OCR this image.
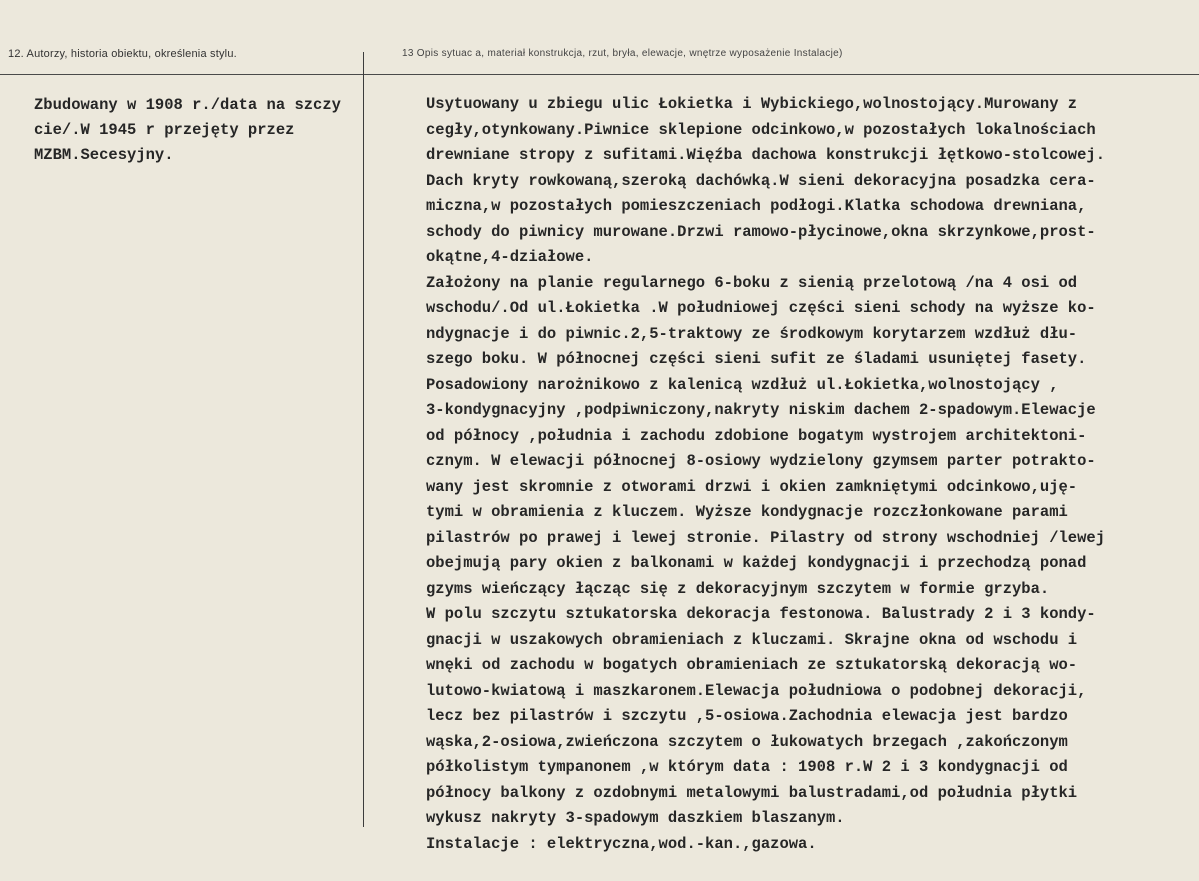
12. Autorzy, historia obiektu, określenia stylu.	13 Opis sytuac a, materiał konstrukcja, rzut, bryła, elewacje, wnętrze wyposażenie Instalacje)
Zbudowany w 1908 r./data na szczy
cie/.W 1945 r przejęty przez
MZBM.Secesyjny.
Usytuowany u zbiegu ulic Łokietka i Wybickiego,wolnostojący.Murowany z
cegły,otynkowany.Piwnice sklepione odcinkowo,w pozostałych lokalnościach
drewniane stropy z sufitami.Więźba dachowa konstrukcji łętkowo-stolcowej.
Dach kryty rowkowaną,szeroką dachówką.W sieni dekoracyjna posadzka cera-
miczna,w pozostałych pomieszczeniach podłogi.Klatka schodowa drewniana,
schody do piwnicy murowane.Drzwi ramowo-płycinowe,okna skrzynkowe,prost-
okątne,4-działowe.
Założony na planie regularnego 6-boku z sienią przelotową /na 4 osi od
wschodu/.Od ul.Łokietka .W południowej części sieni schody na wyższe ko-
ndygnacje i do piwnic.2,5-traktowy ze środkowym korytarzem wzdłuż dłu-
szego boku. W północnej części sieni sufit ze śladami usuniętej fasety.
Posadowiony narożnikowo z kalenicą wzdłuż ul.Łokietka,wolnostojący ,
3-kondygnacyjny ,podpiwniczony,nakryty niskim dachem 2-spadowym.Elewacje
od północy ,południa i zachodu zdobione bogatym wystrojem architektoni-
cznym. W elewacji północnej 8-osiowy wydzielony gzymsem parter potrakto-
wany jest skromnie z otworami drzwi i okien zamkniętymi odcinkowo,uję-
tymi w obramienia z kluczem. Wyższe kondygnacje rozczłonkowane parami
pilastrów po prawej i lewej stronie. Pilastry od strony wschodniej /lewej
obejmują pary okien z balkonami w każdej kondygnacji i przechodzą ponad
gzyms wieńczący łącząc się z dekoracyjnym szczytem w formie grzyba.
W polu szczytu sztukatorska dekoracja festonowa. Balustrady 2 i 3 kondy-
gnacji w uszakowych obramieniach z kluczami. Skrajne okna od wschodu i
wnęki od zachodu w bogatych obramieniach ze sztukatorską dekoracją wo-
lutowo-kwiatową i maszkaronem.Elewacja południowa o podobnej dekoracji,
lecz bez pilastrów i szczytu ,5-osiowa.Zachodnia elewacja jest bardzo
wąska,2-osiowa,zwieńczona szczytem o łukowatych brzegach ,zakończonym
półkolistym tympanonem ,w którym data : 1908 r.W 2 i 3 kondygnacji od
północy balkony z ozdobnymi metalowymi balustradami,od południa płytki
wykusz nakryty 3-spadowym daszkiem blaszanym.
Instalacje : elektryczna,wod.-kan.,gazowa.
